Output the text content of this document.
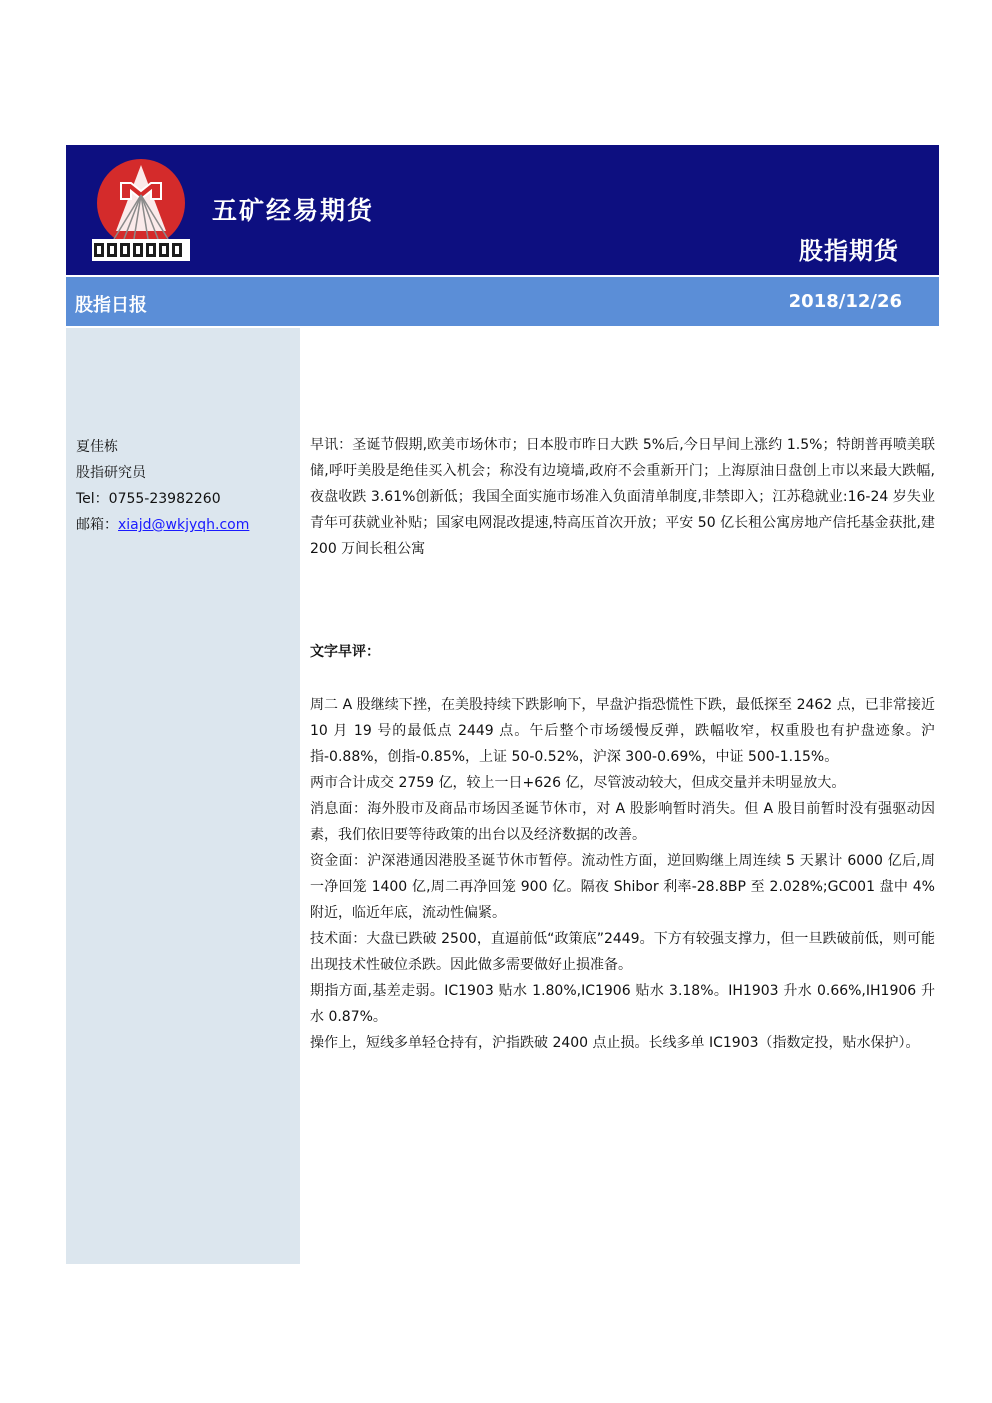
五矿经易期货
股指期货
股指日报	2018/12/26
夏佳栋
股指研究员
Tel：0755-23982260
邮箱：xiajd@wkjyqh.com

早讯：圣诞节假期,欧美市场休市；日本股市昨日大跌 5%后,今日早间上涨约 1.5%；特朗普再喷美联储,呼吁美股是绝佳买入机会；称没有边境墙,政府不会重新开门；上海原油日盘创上市以来最大跌幅,夜盘收跌 3.61%创新低；我国全面实施市场准入负面清单制度,非禁即入；江苏稳就业:16-24 岁失业青年可获就业补贴；国家电网混改提速,特高压首次开放；平安 50 亿长租公寓房地产信托基金获批,建 200 万间长租公寓

文字早评：

周二 A 股继续下挫，在美股持续下跌影响下，早盘沪指恐慌性下跌，最低探至 2462 点，已非常接近 10 月 19 号的最低点 2449 点。午后整个市场缓慢反弹，跌幅收窄，权重股也有护盘迹象。沪指-0.88%，创指-0.85%，上证 50-0.52%，沪深 300-0.69%，中证 500-1.15%。

两市合计成交 2759 亿，较上一日+626 亿，尽管波动较大，但成交量并未明显放大。

消息面：海外股市及商品市场因圣诞节休市，对 A 股影响暂时消失。但 A 股目前暂时没有强驱动因素，我们依旧要等待政策的出台以及经济数据的改善。

资金面：沪深港通因港股圣诞节休市暂停。流动性方面，逆回购继上周连续 5 天累计 6000 亿后,周一净回笼 1400 亿,周二再净回笼 900 亿。隔夜 Shibor 利率-28.8BP 至 2.028%;GC001 盘中 4%附近，临近年底，流动性偏紧。

技术面：大盘已跌破 2500，直逼前低“政策底”2449。下方有较强支撑力，但一旦跌破前低，则可能出现技术性破位杀跌。因此做多需要做好止损准备。

期指方面,基差走弱。IC1903 贴水 1.80%,IC1906 贴水 3.18%。IH1903 升水 0.66%,IH1906 升水 0.87%。

操作上，短线多单轻仓持有，沪指跌破 2400 点止损。长线多单 IC1903（指数定投，贴水保护）。
